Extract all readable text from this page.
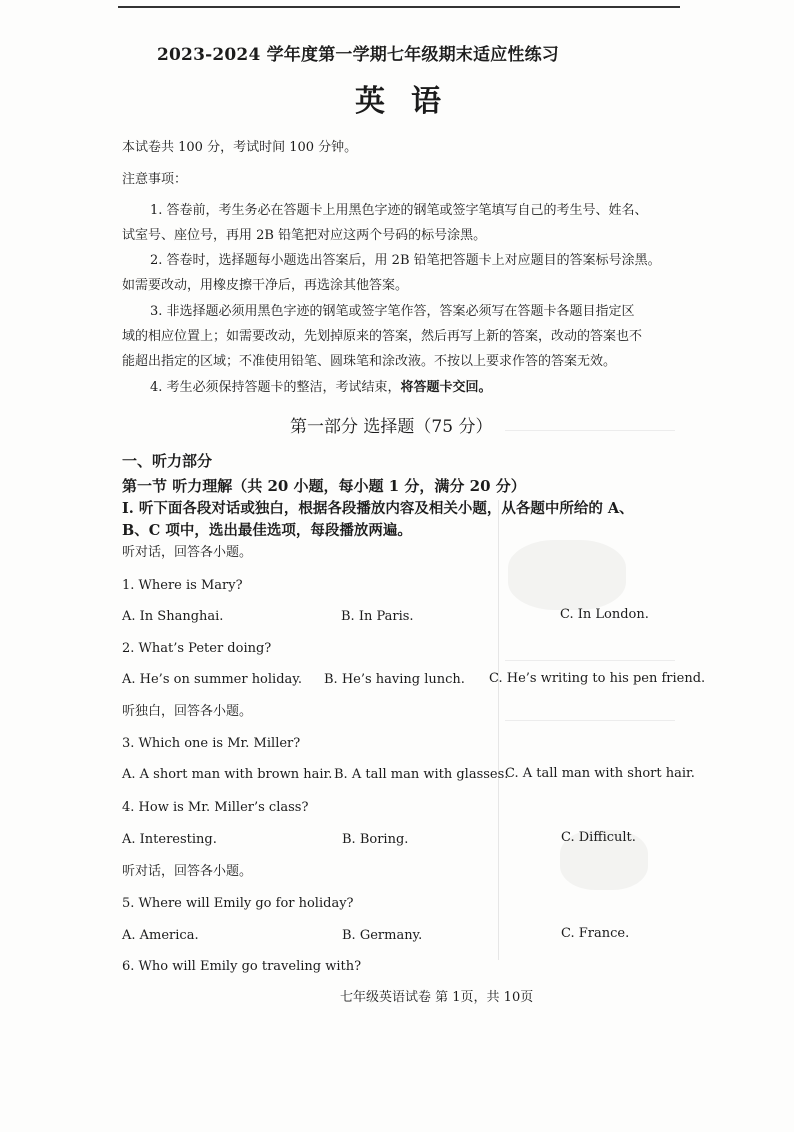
2023-2024 学年度第一学期七年级期末适应性练习
英语
本试卷共 100 分，考试时间 100 分钟。
注意事项：
1. 答卷前，考生务必在答题卡上用黑色字迹的钢笔或签字笔填写自己的考生号、姓名、
试室号、座位号，再用 2B 铅笔把对应这两个号码的标号涂黑。
2. 答卷时，选择题每小题选出答案后，用 2B 铅笔把答题卡上对应题目的答案标号涂黑。
如需要改动，用橡皮擦干净后，再选涂其他答案。
3. 非选择题必须用黑色字迹的钢笔或签字笔作答，答案必须写在答题卡各题目指定区
域的相应位置上；如需要改动，先划掉原来的答案，然后再写上新的答案，改动的答案也不
能超出指定的区域；不准使用铅笔、圆珠笔和涂改液。不按以上要求作答的答案无效。
4. 考生必须保持答题卡的整洁，考试结束，将答题卡交回。
第一部分 选择题（75 分）
一、听力部分
第一节 听力理解（共 20 小题，每小题 1 分，满分 20 分）
I. 听下面各段对话或独白，根据各段播放内容及相关小题，从各题中所给的 A、
B、C 项中，选出最佳选项，每段播放两遍。
听对话，回答各小题。
1. Where is Mary?
A. In Shanghai.	B. In Paris.	C. In London.
2. What’s Peter doing?
A. He’s on summer holiday. B. He’s having lunch. C. He’s writing to his pen friend.
听独白，回答各小题。
3. Which one is Mr. Miller?
A. A short man with brown hair. B. A tall man with glasses.
C. A tall man with short hair.
4. How is Mr. Miller’s class?
A. Interesting.	B. Boring.	C. Difficult.
听对话，回答各小题。
5. Where will Emily go for holiday?
A. America.	B. Germany.	C. France.
6. Who will Emily go traveling with?
七年级英语试卷 第 1页，共 10页
